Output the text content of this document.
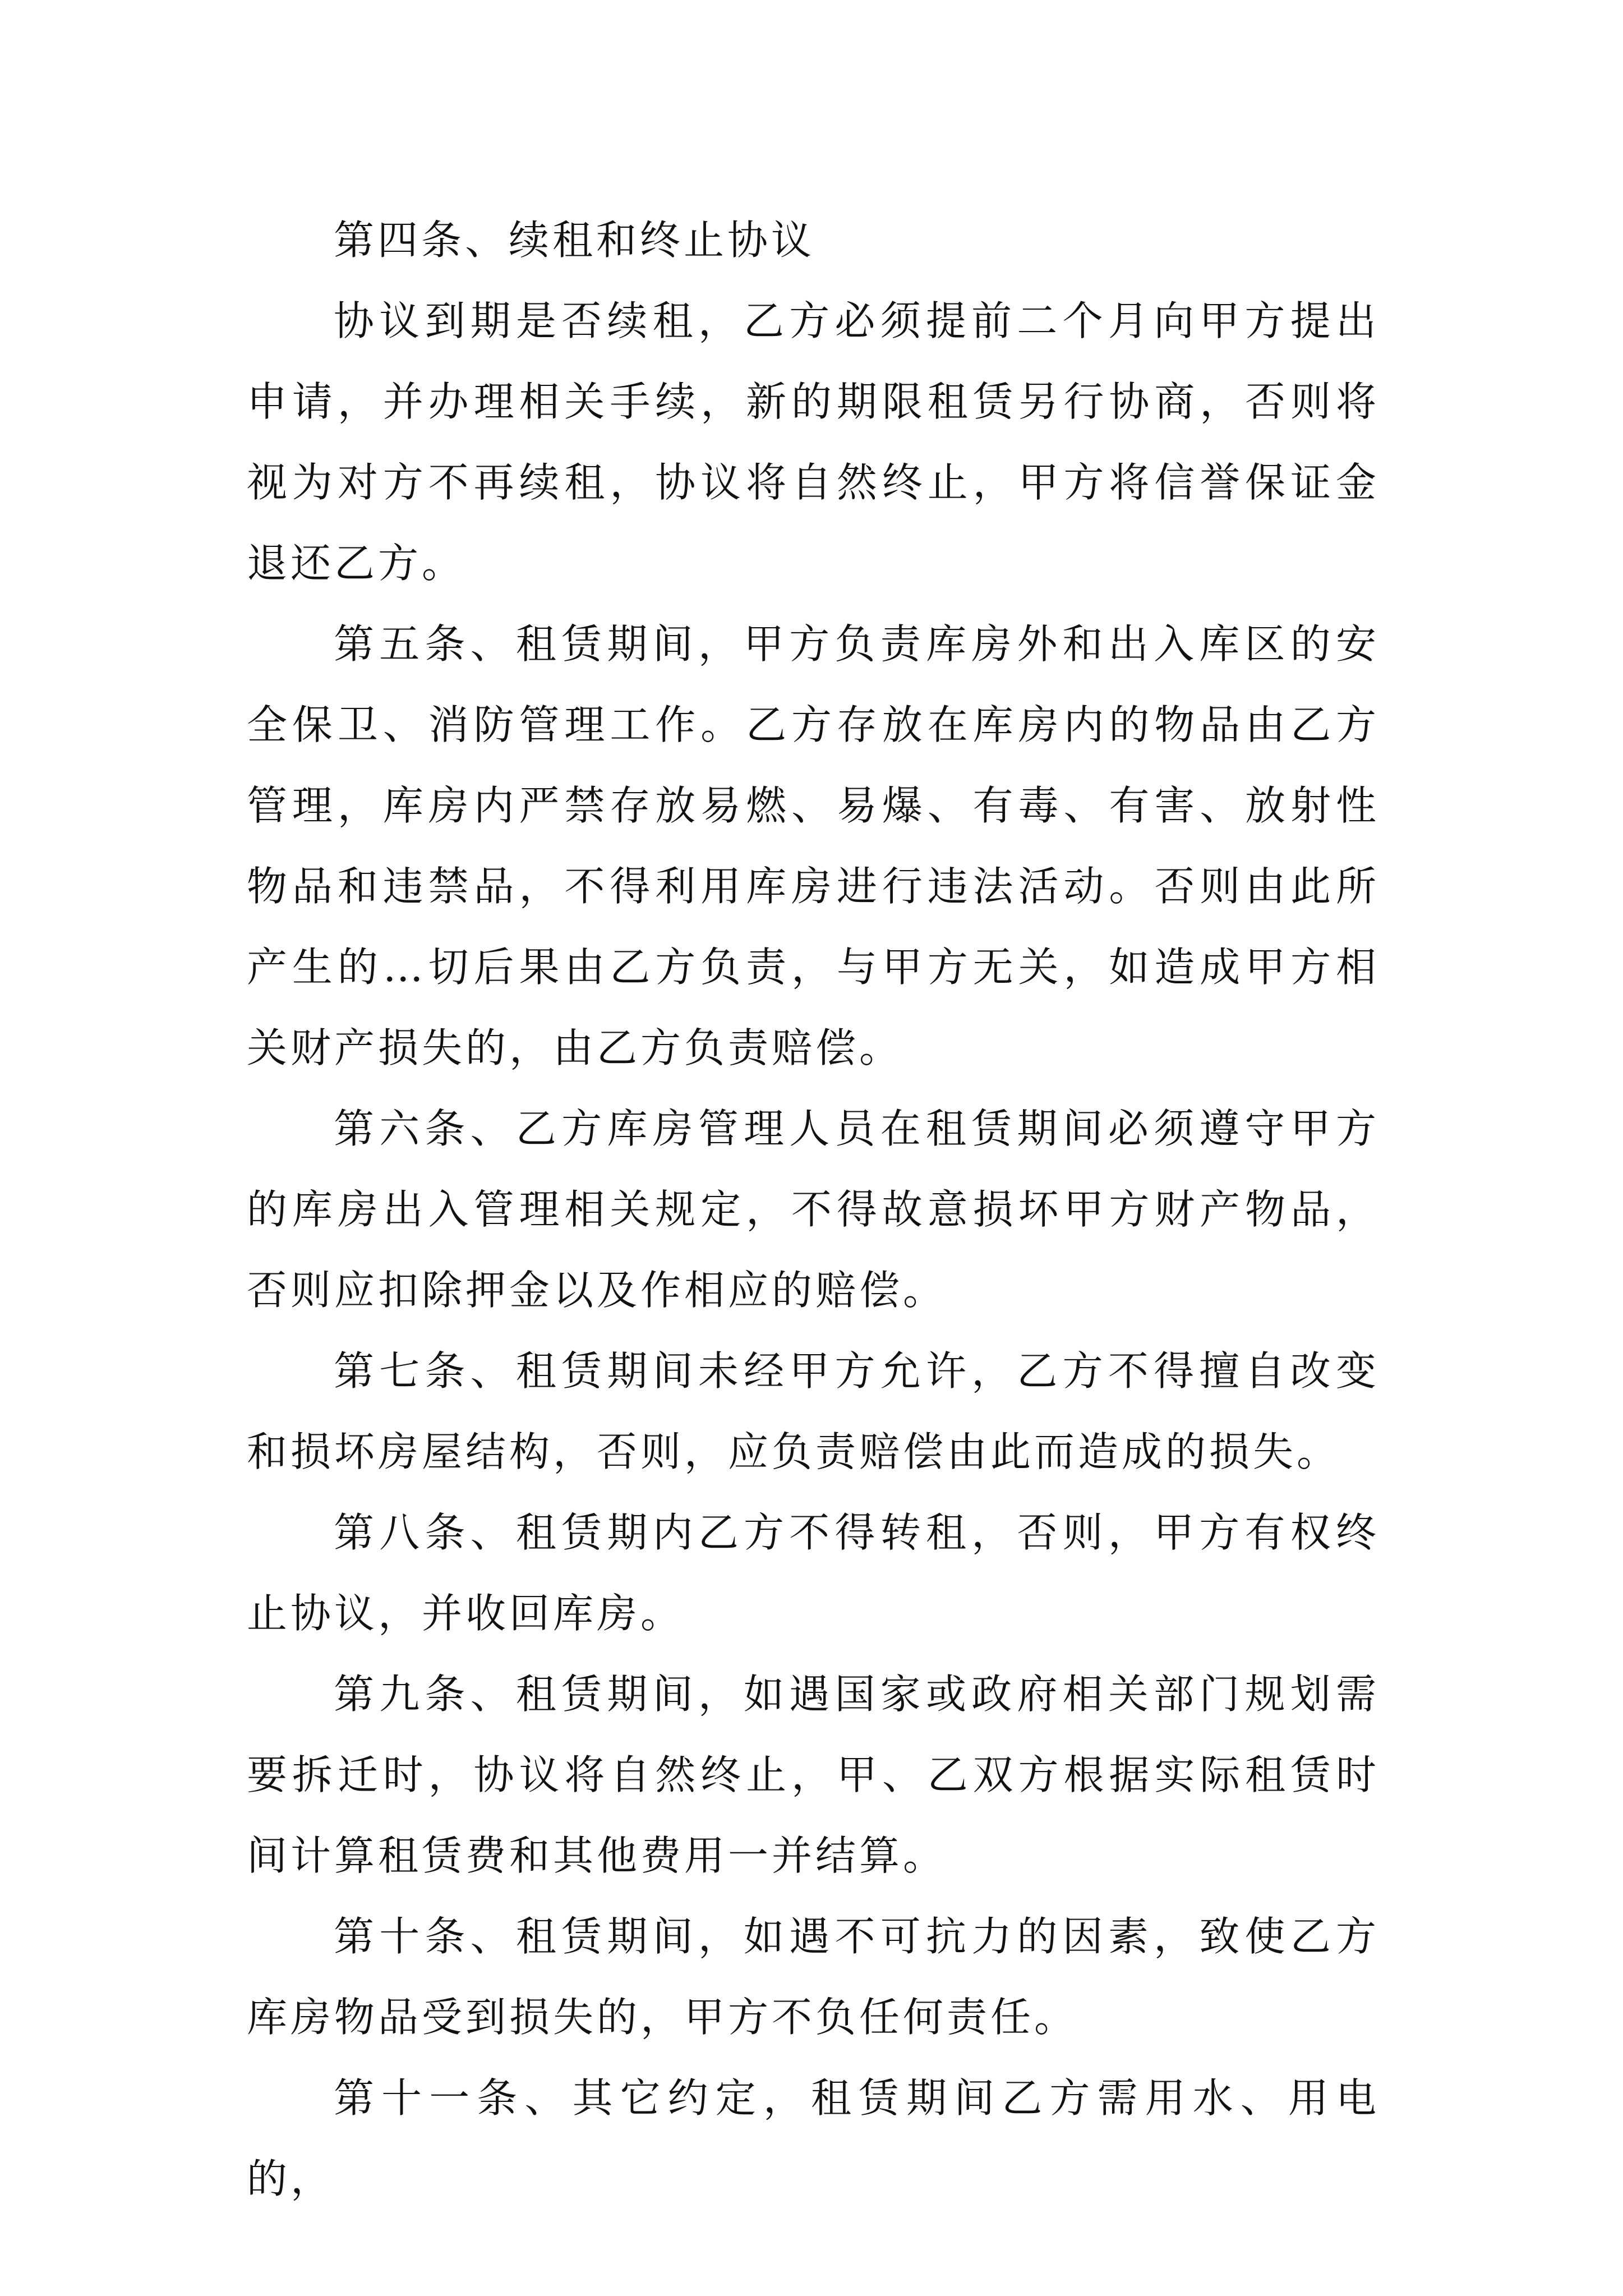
第四条、续租和终止协议

协议到期是否续租，乙方必须提前二个月向甲方提出申请，并办理相关手续，新的期限租赁另行协商，否则将视为对方不再续租，协议将自然终止，甲方将信誉保证金退还乙方。

第五条、租赁期间，甲方负责库房外和出入库区的安全保卫、消防管理工作。乙方存放在库房内的物品由乙方管理，库房内严禁存放易燃、易爆、有毒、有害、放射性物品和违禁品，不得利用库房进行违法活动。否则由此所产生的…切后果由乙方负责，与甲方无关，如造成甲方相关财产损失的，由乙方负责赔偿。

第六条、乙方库房管理人员在租赁期间必须遵守甲方的库房出入管理相关规定，不得故意损坏甲方财产物品，否则应扣除押金以及作相应的赔偿。

第七条、租赁期间未经甲方允许，乙方不得擅自改变和损坏房屋结构，否则，应负责赔偿由此而造成的损失。

第八条、租赁期内乙方不得转租，否则，甲方有权终止协议，并收回库房。

第九条、租赁期间，如遇国家或政府相关部门规划需要拆迁时，协议将自然终止，甲、乙双方根据实际租赁时间计算租赁费和其他费用一并结算。

第十条、租赁期间，如遇不可抗力的因素，致使乙方库房物品受到损失的，甲方不负任何责任。

第十一条、其它约定，租赁期间乙方需用水、用电的，
